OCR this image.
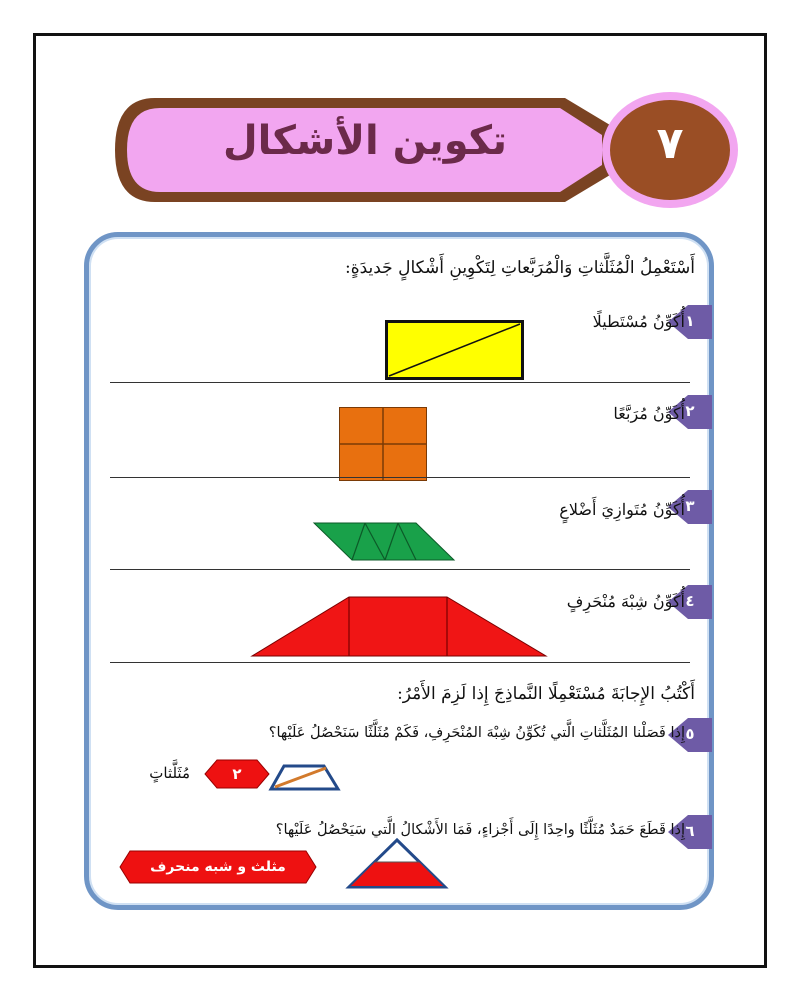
تكوين الأشكال	٧
أَسْتَعْمِلُ الْمُثَلَّثاتِ وَالْمُرَبَّعاتِ لِتَكْوِينِ أَشْكالٍ جَديدَةٍ:
١
أُكَوِّنُ مُسْتَطيلًا
٢
أُكَوِّنُ مُرَبَّعًا
٣
أُكَوِّنُ مُتَوازِيَ أَضْلاعٍ
٤
أُكَوِّنُ شِبْهَ مُنْحَرِفٍ
أَكْتُبُ الإِجابَةَ مُسْتَعْمِلًا النَّماذِجَ إِذا لَزِمَ الأَمْرُ:
٥
إِذا فَصَلْنا المُثَلَّثاتِ الَّتي تُكَوِّنُ شِبْهَ المُنْحَرِفِ، فَكَمْ مُثَلَّثًا سَنَحْصُلُ عَلَيْها؟
٢
مُثَلَّثاتٍ
٦
إِذا قَطَعَ حَمَدٌ مُثَلَّثًا واحِدًا إِلَى أَجْزاءٍ، فَمَا الأَشْكالُ الَّتي سَيَحْصُلُ عَلَيْها؟
مثلث و شبه منحرف
